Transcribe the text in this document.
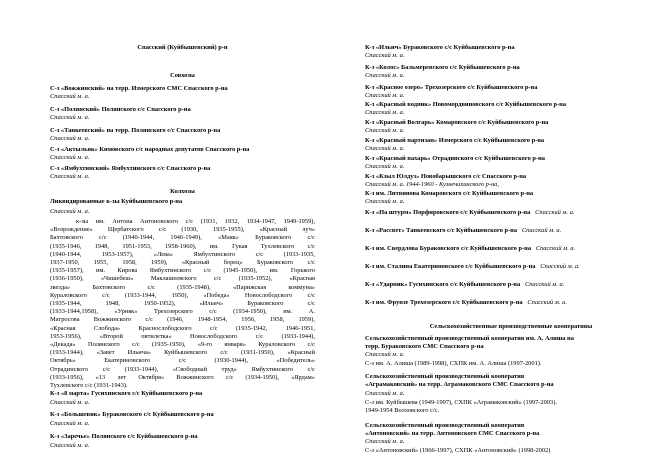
Спасский (Куйбышевский) р-н
Совхозы
С-з «Вожжинский» на терр. Измерского СМС Спасского р-на
Спасский м. а.
С-з «Полянский» Полянского с/с Спасского р-на
Спасский м. а.
С-з «Танкеевский» на терр. Полянского с/с Спасского р-на
Спасский м. а.
С-з «Актыльяк» Кимовского с/с народных депутатов Спасского р-на
Спасский м. а.
С-з «Ямбухтинский» Ямбухтинского с/с Спасского р-на
Спасский м. а.
Колхозы
Ликвидированные к-зы Куйбышевского р-на
Спасский м. а.
к-зы им. Антона Антоновского с/с (1931, 1932, 1934-1947, 1949-1959),
«Возрождение» Щербатского с/с (1930, 1935-1955), «Красный луч»
Бахтовского с/с (1940-1944, 1946-1949), «Маяк» Бураковского с/с
(1935-1946, 1948, 1951-1953, 1958-1960), им. Гукая Тухлевского с/с
(1940-1944, 1953-1957), «Лева» Ямбухтинского с/с (1933-1935,
1937-1950, 1955, 1958, 1959), «Красный борец» Бураковского с/с
(1935-1957), им. Кирова Ямбухтинского с/с (1945-1950), им. Горького
(1936-1950), «Чишебеш» Маклашеевского с/с (1935-1952), «Красная
звезда» Бахтовского с/с (1935-1948), «Парижская коммуна»
Кураловского с/с (1933-1944, 1950), «Победа» Новослободского с/с
(1935-1944, 1948, 1950-1952), «Ильич» Бураковского с/с
(1933-1944,1958), «Урняк» Трехозерского с/с (1934-1950), им. А.
Матросова Вожжинского с/с (1946, 1948-1954, 1956, 1958, 1959),
«Красная Слобода» Краснослободского с/с (1935-1942, 1946-1951,
1953-1956), «Второй пятилетка» Новослободского с/с (1933-1944),
«Декада» Полянского с/с (1935-1950), «9-го января» Кураловского с/с
(1933-1944), «Завет Ильича» Куйбышевского с/с (1931-1950), «Красный
Октябрь» Екатериновского с/с (1930-1944), «Победитель»
Отрадинского с/с (1933-1944), «Свободный труд» Ямбухтинского с/с
(1933-1956), «13 лет Октября» Вожжинского с/с (1934-1950), «Ярдам»
Тухлевского с/с (1931-1943).
К-з «8 марта» Гусихинского с/с Куйбышевского р-на
Спасский м. а.
К-з «Большевик» Бураковского с/с Куйбышевского р-на
Спасский м. а.
К-з «Заречье» Полянского с/с Куйбышевского р-на
Спасский м. а.
К-з «Ильич» Бураковского с/с Куйбышевского р-на
Спасский м. а.
К-з «Колос» Бальмеревского с/с Куйбышевского р-на
Спасский м. а.
К-з «Красное озеро» Трехозерского с/с Куйбышевского р-на
Спасский м. а.
К-з «Красный водник» Новомордвиновского с/с Куйбышевского р-на
Спасский м. а.
К-з «Красный Волгарь» Комаровского с/с Куйбышевского р-на
Спасский м. а.
К-з «Красный партизан» Измерского с/с Куйбышевского р-на
Спасский м. а.
К-з «Красный пахарь» Отрадинского с/с Куйбышевского р-на
Спасский м. а.
К-з «Кзыл Юлдуз» Новобарышского с/с Спасского р-на
Спасский м. а. 1944-1960 - Кузнечихинского р-на,
К-з им. Литвинова Комаровского с/с Куйбышевского р-на
Спасский м. а.
К-з «На штурм» Порфировского с/с Куйбышевского р-на Спасский м. а.
К-з «Рассвет» Танкеевского с/с Куйбышевского р-на Спасский м. а.
К-з им. Свердлова Бураковского с/с Куйбышевского р-на Спасский м. а.
К-з им. Сталина Екатериновского с/с Куйбышевского р-на Спасский м. а.
К-з «Ударник» Гусихинского с/с Куйбышевского р-на Спасский м. а.
К-з им. Фрунзе Трехозерского с/с Куйбышевского р-на Спасский м. а.
Сельскохозяйственные производственные кооперативы
Сельскохозяйственный производственный кооператив им. А. Алиша на
терр. Бураковского СМС Спасского р-на
Спасский м. а.
С-з им. А. Алиша (1989-1998), СХПК им. А. Алиша (1997-2001).
Сельскохозяйственный производственный кооператив
«Аграмаковский» на терр. Аграмаковского СМС Спасского р-на
Спасский м. а.
С-з им. Куйбышева (1949-1997), СХПК «Аграмаковский» (1997-2003).
1949-1954 Волховского с/с.
Сельскохозяйственный производственный кооператив
«Антоновский» на терр. Антоновского СМС Спасского р-на
Спасский м. а.
С-з «Антоновский» (1966-1997), СХПК «Антоновский» (1998-2002)
